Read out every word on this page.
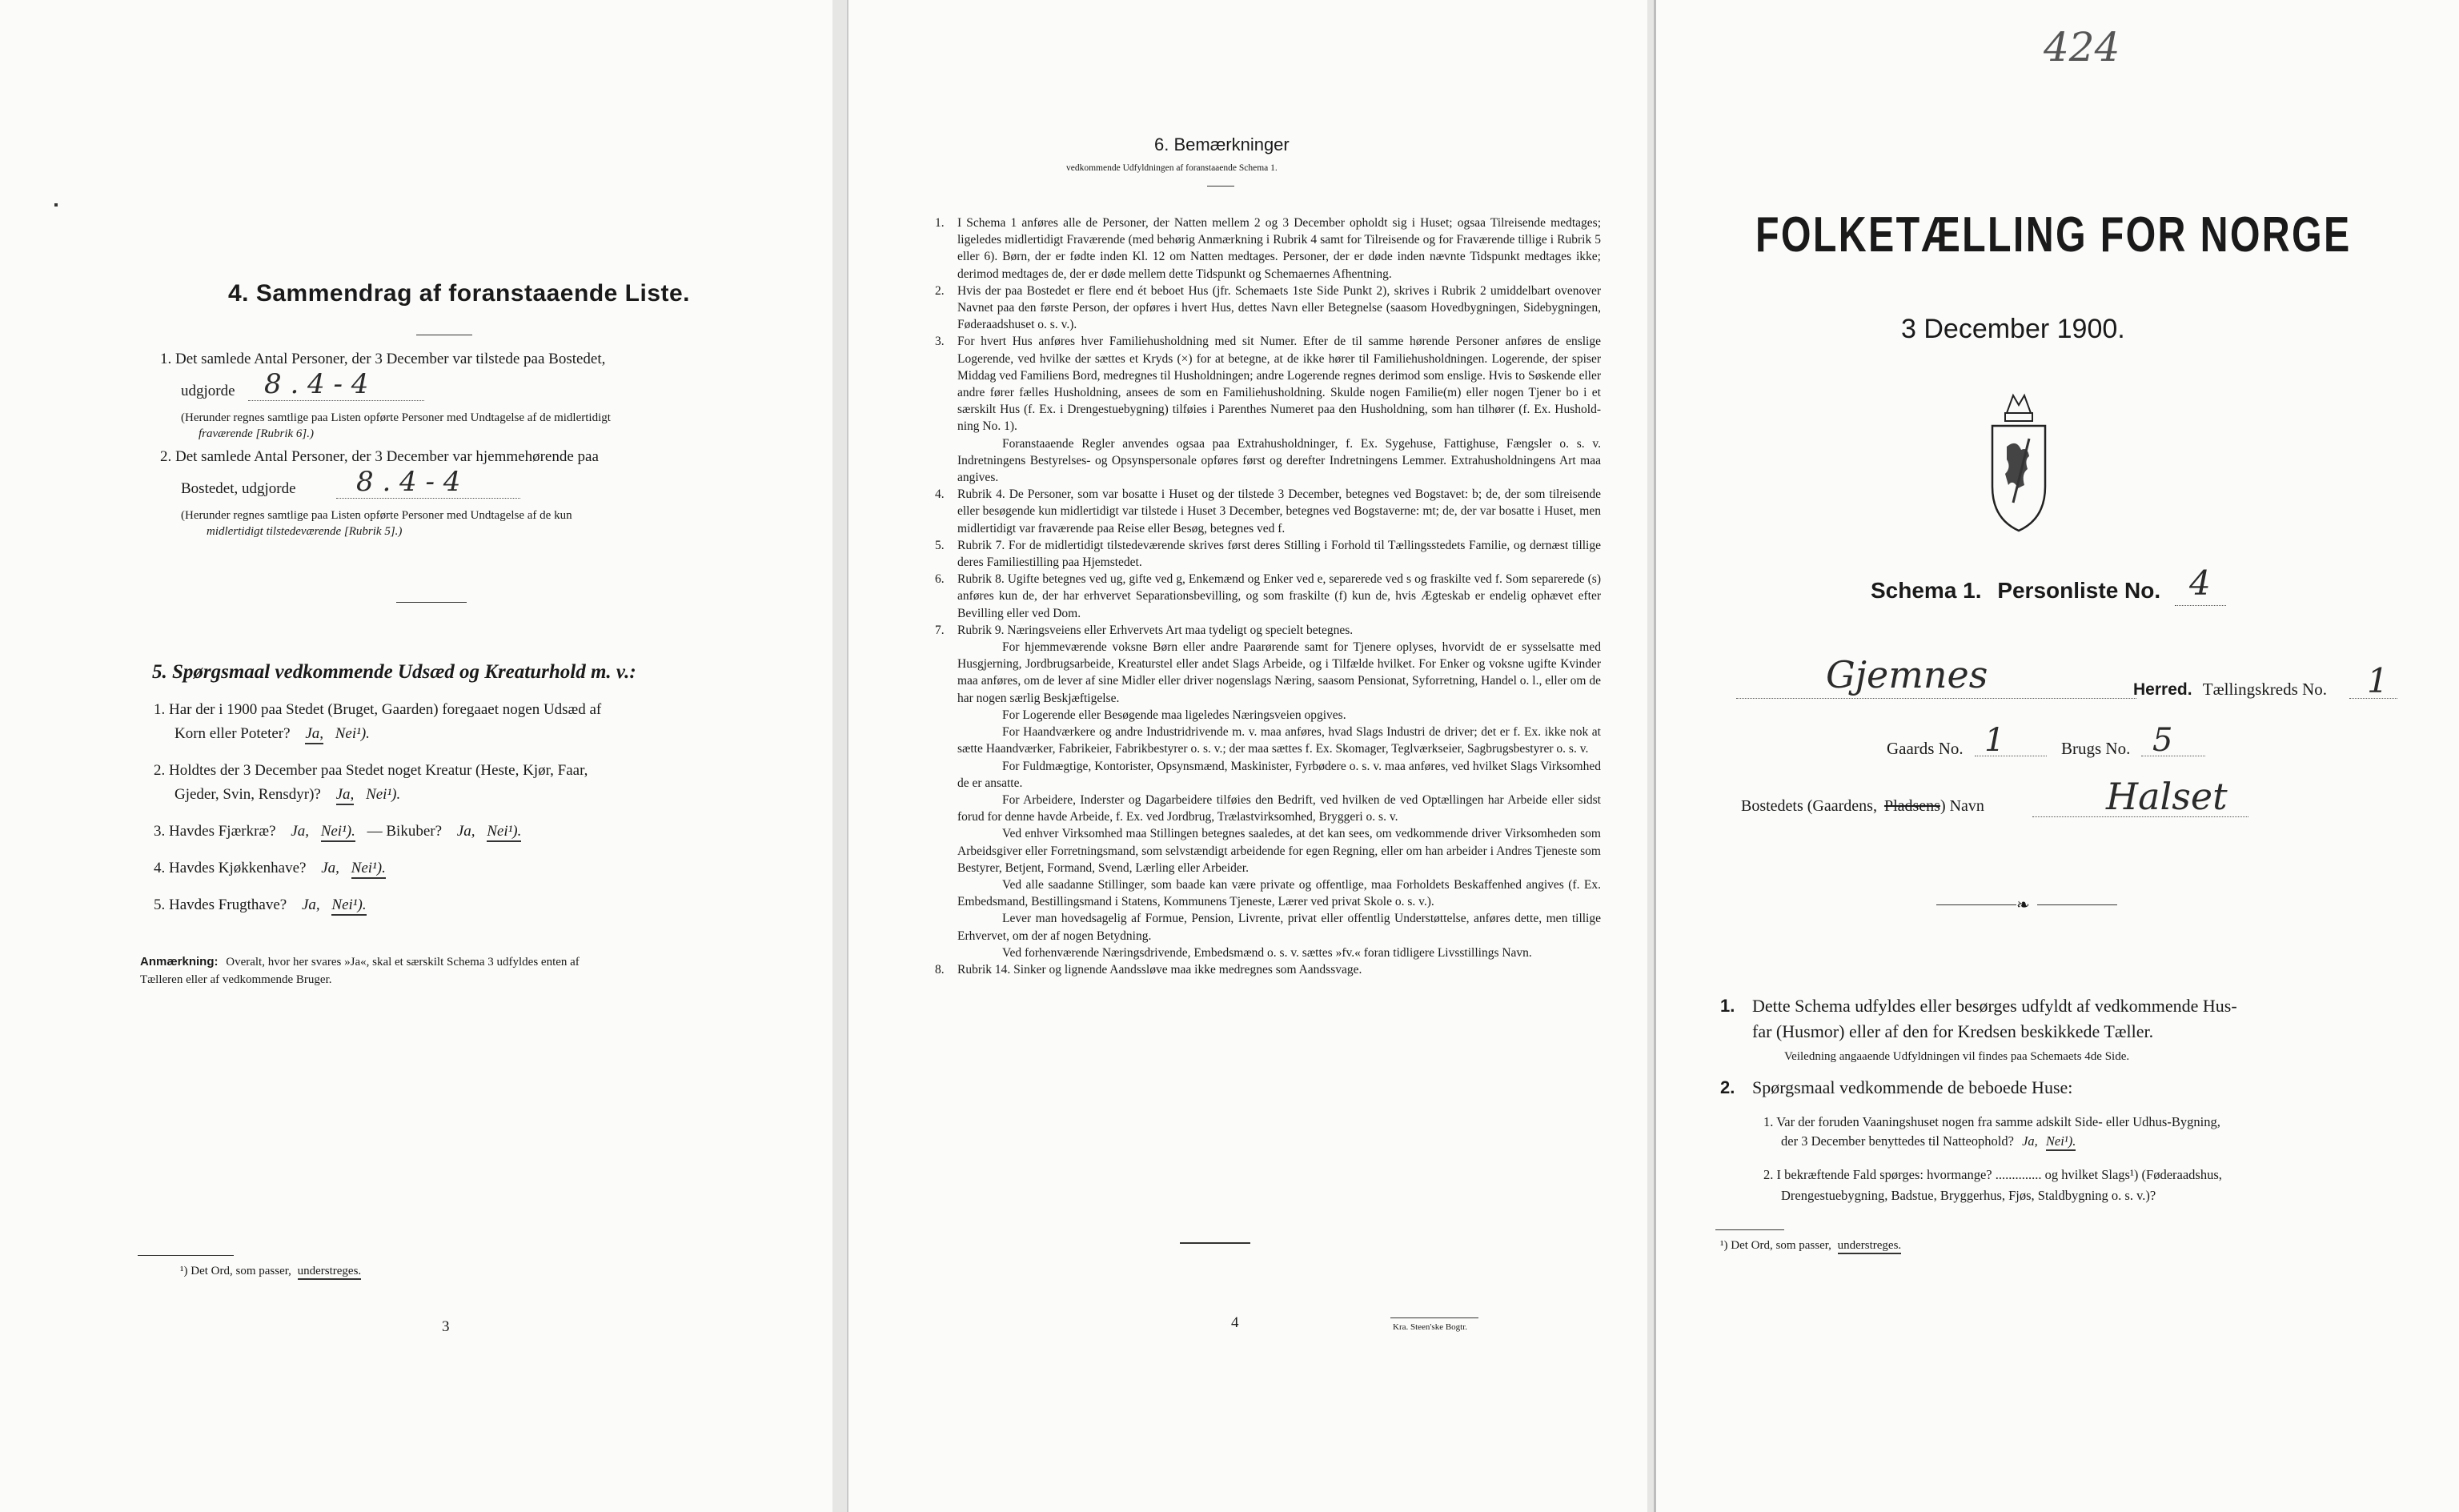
4. Sammendrag af foranstaaende Liste.
1. Det samlede Antal Personer, der 3 December var tilstede paa Bostedet,
udgjorde 8 . 4 - 4
(Herunder regnes samtlige paa Listen opførte Personer med Undtagelse af de midlertidigt
fraværende [Rubrik 6].)
2. Det samlede Antal Personer, der 3 December var hjemmehørende paa
Bostedet, udgjorde 8 . 4 - 4
(Herunder regnes samtlige paa Listen opførte Personer med Undtagelse af de kun
midlertidigt tilstedeværende [Rubrik 5].)
5. Spørgsmaal vedkommende Udsæd og Kreaturhold m. v.:
1. Har der i 1900 paa Stedet (Bruget, Gaarden) foregaaet nogen Udsæd af
Korn eller Poteter? Ja, Nei¹).
2. Holdtes der 3 December paa Stedet noget Kreatur (Heste, Kjør, Faar,
Gjeder, Svin, Rensdyr)? Ja, Nei¹).
3. Havdes Fjærkræ? Ja, Nei¹). — Bikuber? Ja, Nei¹).
4. Havdes Kjøkkenhave? Ja, Nei¹).
5. Havdes Frugthave? Ja, Nei¹).
Anmærkning: Overalt, hvor her svares »Ja«, skal et særskilt Schema 3 udfyldes enten af
Tælleren eller af vedkommende Bruger.
¹) Det Ord, som passer, understreges.
3
6. Bemærkninger
vedkommende Udfyldningen af foranstaaende Schema 1.
1. I Schema 1 anføres alle de Personer, der Natten mellem 2 og 3 December opholdt sig i Huset; ogsaa Tilreisende medtages; ligeledes midlertidigt Fraværende (med behørig Anmærkning i Rubrik 4 samt for Tilreisende og for Fraværende tillige i Rubrik 5 eller 6). Børn, der er fødte inden Kl. 12 om Natten medtages. Personer, der er døde inden nævnte Tidspunkt medtages ikke; derimod medtages de, der er døde mellem dette Tidspunkt og Schemaernes Afhentning.

2. Hvis der paa Bostedet er flere end ét beboet Hus (jfr. Schemaets 1ste Side Punkt 2), skrives i Rubrik 2 umiddelbart ovenover Navnet paa den første Person, der opføres i hvert Hus, dettes Navn eller Betegnelse (saasom Hovedbygningen, Sidebygningen, Føderaadshuset o. s. v.).

3. For hvert Hus anføres hver Familiehusholdning med sit Numer. Efter de til samme hørende Personer anføres de enslige Logerende, ved hvilke der sættes et Kryds (×) for at betegne, at de ikke hører til Familiehusholdningen. Logerende, der spiser Middag ved Familiens Bord, medregnes til Husholdningen; andre Logerende regnes derimod som enslige. Hvis to Søskende eller andre fører fælles Husholdning, ansees de som en Familiehusholdning. Skulde nogen Familie(m) eller nogen Tjener bo i et særskilt Hus (f. Ex. i Drengestuebygning) tilføies i Parenthes Numeret paa den Husholdning, som han tilhører (f. Ex. Husholdning No. 1).

Foranstaaende Regler anvendes ogsaa paa Extrahusholdninger, f. Ex. Sygehuse, Fattighuse, Fængsler o. s. v. Indretningens Bestyrelses- og Opsynspersonale opføres først og derefter Indretningens Lemmer. Extrahusholdningens Art maa angives.

4. Rubrik 4. De Personer, som var bosatte i Huset og der tilstede 3 December, betegnes ved Bogstavet: b; de, der som tilreisende eller besøgende kun midlertidigt var tilstede i Huset 3 December, betegnes ved Bogstaverne: mt; de, der var bosatte i Huset, men midlertidigt var fraværende paa Reise eller Besøg, betegnes ved f.

5. Rubrik 7. For de midlertidigt tilstedeværende skrives først deres Stilling i Forhold til Tællingsstedets Familie, og dernæst tillige deres Familiestilling paa Hjemstedet.

6. Rubrik 8. Ugifte betegnes ved ug, gifte ved g, Enkemænd og Enker ved e, separerede ved s og fraskilte ved f. Som separerede (s) anføres kun de, der har erhvervet Separationsbevilling, og som fraskilte (f) kun de, hvis Ægteskab er endelig ophævet efter Bevilling eller ved Dom.

7. Rubrik 9. Næringsveiens eller Erhvervets Art maa tydeligt og specielt betegnes.

For hjemmeværende voksne Børn eller andre Paarørende samt for Tjenere oplyses, hvorvidt de er sysselsatte med Husgjerning, Jordbrugsarbeide, Kreaturstel eller andet Slags Arbeide, og i Tilfælde hvilket. For Enker og voksne ugifte Kvinder maa anføres, om de lever af sine Midler eller driver nogenslags Næring, saasom Pensionat, Syforretning, Handel o. l., eller om de har nogen særlig Beskjæftigelse.

For Logerende eller Besøgende maa ligeledes Næringsveien opgives.

For Haandværkere og andre Industridrivende m. v. maa anføres, hvad Slags Industri de driver; det er f. Ex. ikke nok at sætte Haandværker, Fabrikeier, Fabrikbestyrer o. s. v.; der maa sættes f. Ex. Skomager, Teglværkseier, Sagbrugsbestyrer o. s. v.

For Fuldmægtige, Kontorister, Opsynsmænd, Maskinister, Fyrbødere o. s. v. maa anføres, ved hvilket Slags Virksomhed de er ansatte.

For Arbeidere, Inderster og Dagarbeidere tilføies den Bedrift, ved hvilken de ved Optællingen har Arbeide eller sidst forud for denne havde Arbeide, f. Ex. ved Jordbrug, Trælastvirksomhed, Bryggeri o. s. v.

Ved enhver Virksomhed maa Stillingen betegnes saaledes, at det kan sees, om vedkommende driver Virksomheden som Arbeidsgiver eller Forretningsmand, som selvstændigt arbeidende for egen Regning, eller om han arbeider i Andres Tjeneste som Bestyrer, Betjent, Formand, Svend, Lærling eller Arbeider.

Ved alle saadanne Stillinger, som baade kan være private og offentlige, maa Forholdets Beskaffenhed angives (f. Ex. Embedsmand, Bestillingsmand i Statens, Kommunens Tjeneste, Lærer ved privat Skole o. s. v.).

Lever man hovedsagelig af Formue, Pension, Livrente, privat eller offentlig Understøttelse, anføres dette, men tillige Erhvervet, om der af nogen Betydning.

Ved forhenværende Næringsdrivende, Embedsmænd o. s. v. sættes »fv.« foran tidligere Livsstillings Navn.

8. Rubrik 14. Sinker og lignende Aandssløve maa ikke medregnes som Aandssvage.

4	Kra. Steen'ske Bogtr.
424
FOLKETÆLLING FOR NORGE
3 December 1900.
Schema 1. Personliste No. 4
Gjemnes	Herred. Tællingskreds No. 1
Gaards No. 1	Brugs No. 5
Bostedets (Gaardens, Pladsens) Navn	Halset
❧
1. Dette Schema udfyldes eller besørges udfyldt af vedkommende Hus-
far (Husmor) eller af den for Kredsen beskikkede Tæller.
Veiledning angaaende Udfyldningen vil findes paa Schemaets 4de Side.
2. Spørgsmaal vedkommende de beboede Huse:
1. Var der foruden Vaaningshuset nogen fra samme adskilt Side- eller Udhus-Bygning,
der 3 December benyttedes til Natteophold? Ja, Nei¹).
2. I bekræftende Fald spørges: hvormange? .............. og hvilket Slags¹) (Føderaadshus,
Drengestuebygning, Badstue, Bryggerhus, Fjøs, Staldbygning o. s. v.)?
¹) Det Ord, som passer, understreges.
